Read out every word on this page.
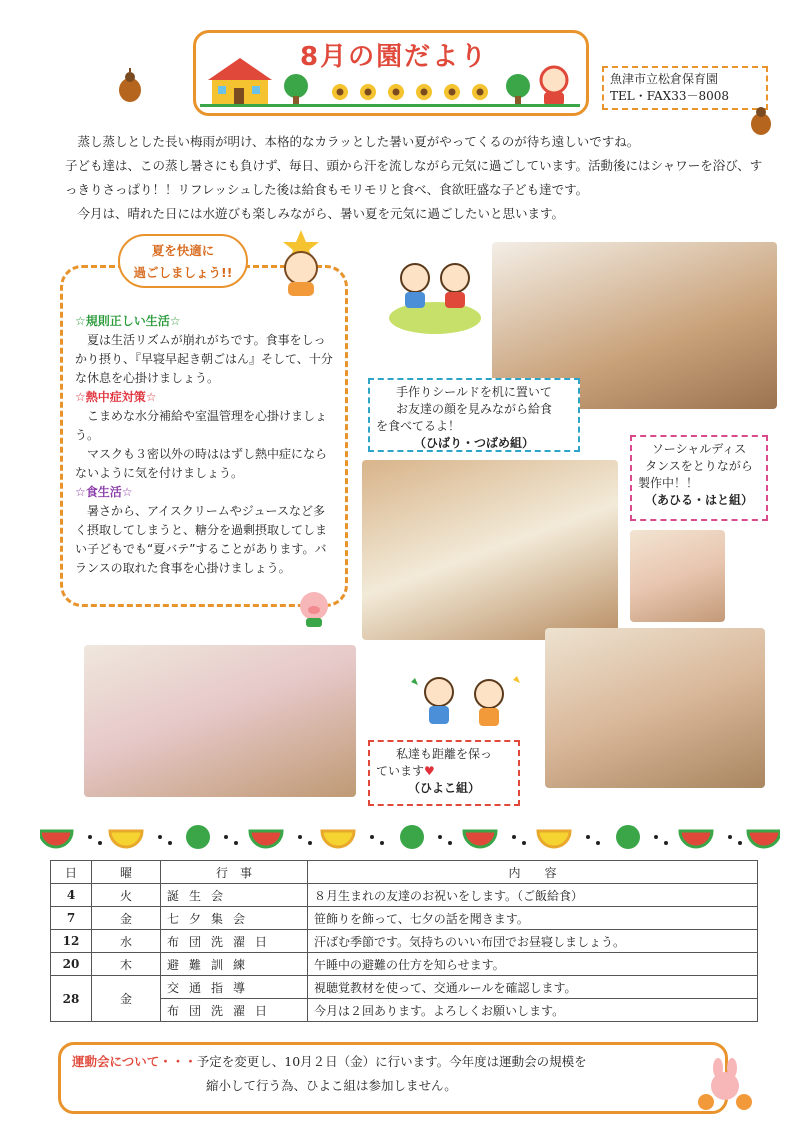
8月の園だより
魚津市立松倉保育園
TEL・FAX33－8008

蒸し蒸しとした長い梅雨が明け、本格的なカラッとした暑い夏がやってくるのが待ち遠しいですね。

子ども達は、この蒸し暑さにも負けず、毎日、頭から汗を流しながら元気に過ごしています。活動後にはシャワーを浴び、すっきりさっぱり！！リフレッシュした後は給食もモリモリと食べ、食欲旺盛な子ども達です。

今月は、晴れた日には水遊びも楽しみながら、暑い夏を元気に過ごしたいと思います。

夏を快適に
過ごしましょう!!
☆規則正しい生活☆

夏は生活リズムが崩れがちです。食事をしっかり摂り、『早寝早起き朝ごはん』そして、十分な休息を心掛けましょう。

☆熱中症対策☆

こまめな水分補給や室温管理を心掛けましょう。

マスクも３密以外の時ははずし熱中症にならないように気を付けましょう。

☆食生活☆

暑さから、アイスクリームやジュースなど多く摂取してしまうと、糖分を過剰摂取してしまい子どもでも“夏バテ”することがあります。バランスの取れた食事を心掛けましょう。

手作りシールドを机に置いて
お友達の顔を見みながら給食
を食べてるよ！
（ひばり・つばめ組）	ソーシャルディス
タンスをとりながら
製作中！！
（あひる・はと組）
私達も距離を保っ
ています♥
（ひよこ組）
日	曜	行　事	内　　容
4	火	誕生会	８月生まれの友達のお祝いをします。（ご飯給食）
7	金	七夕集会	笹飾りを飾って、七夕の話を聞きます。
12	水	布団洗濯日	汗ばむ季節です。気持ちのいい布団でお昼寝しましょう。
20	木	避難訓練	午睡中の避難の仕方を知らせます。
28	金	交通指導	視聴覚教材を使って、交通ルールを確認します。
		布団洗濯日	今月は２回あります。よろしくお願いします。
運動会について・・・予定を変更し、10月２日（金）に行います。今年度は運動会の規模を
縮小して行う為、ひよこ組は参加しません。
